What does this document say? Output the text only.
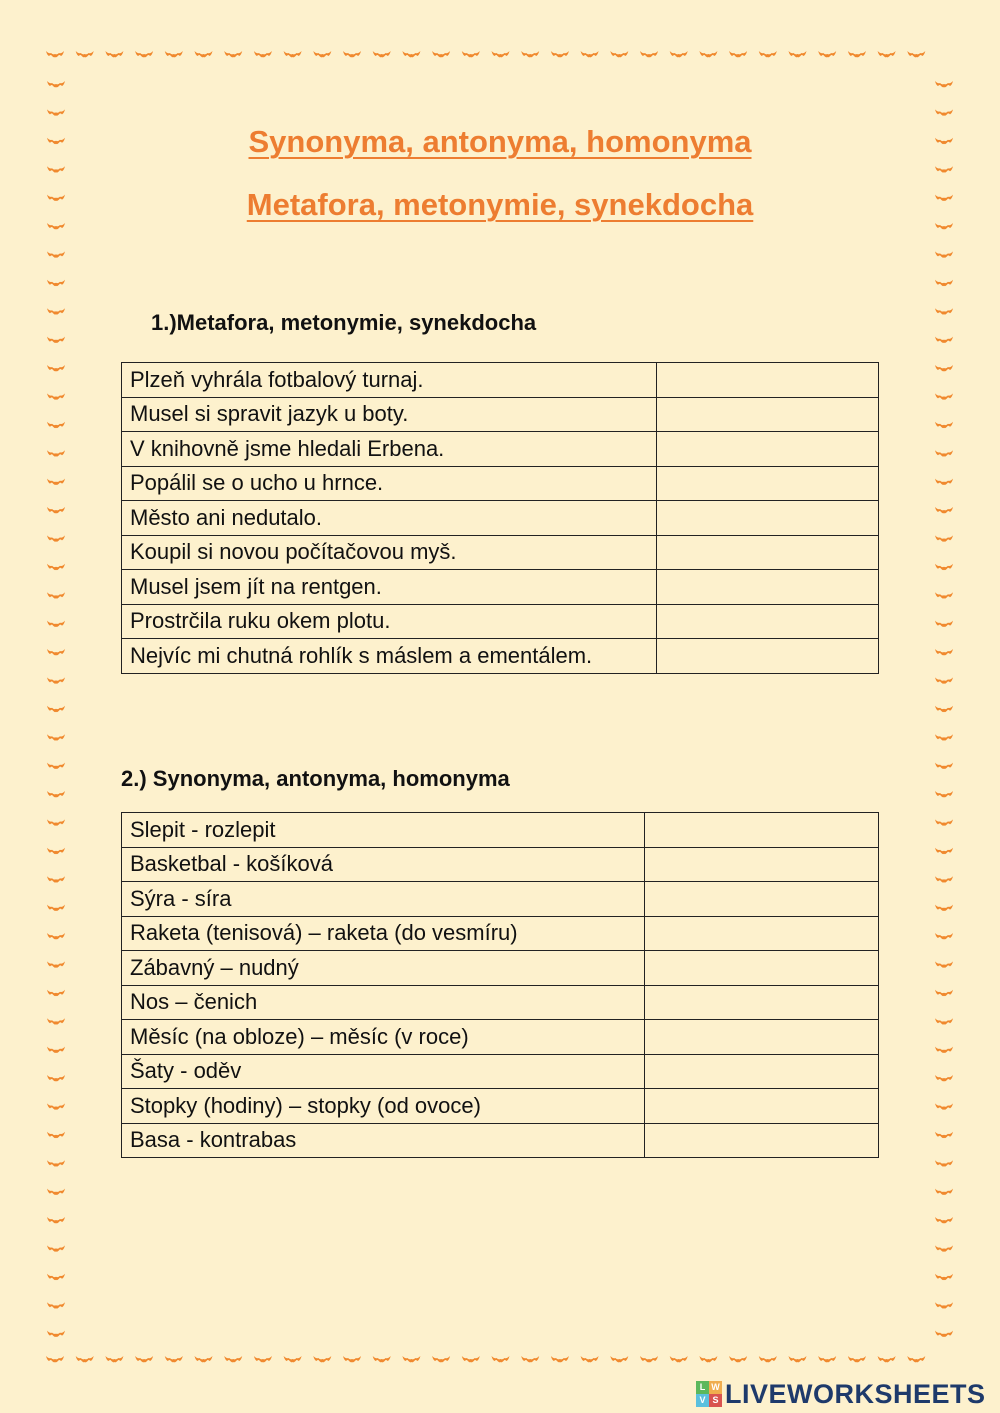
Synonyma, antonyma, homonyma
Metafora, metonymie, synekdocha
1.)Metafora, metonymie, synekdocha
Plzeň vyhrála fotbalový turnaj.	
Musel si spravit jazyk u boty.	
V knihovně jsme hledali Erbena.	
Popálil se o ucho u hrnce.	
Město ani nedutalo.	
Koupil si novou počítačovou myš.	
Musel jsem jít na rentgen.	
Prostrčila ruku okem plotu.	
Nejvíc mi chutná rohlík s máslem a ementálem.	
2.) Synonyma, antonyma, homonyma
Slepit - rozlepit	
Basketbal - košíková	
Sýra - síra	
Raketa (tenisová) – raketa (do vesmíru)	
Zábavný – nudný	
Nos – čenich	
Měsíc (na obloze) – měsíc (v roce)	
Šaty - oděv	
Stopky (hodiny) – stopky (od ovoce)	
Basa - kontrabas	
L W
V S LIVEWORKSHEETS
